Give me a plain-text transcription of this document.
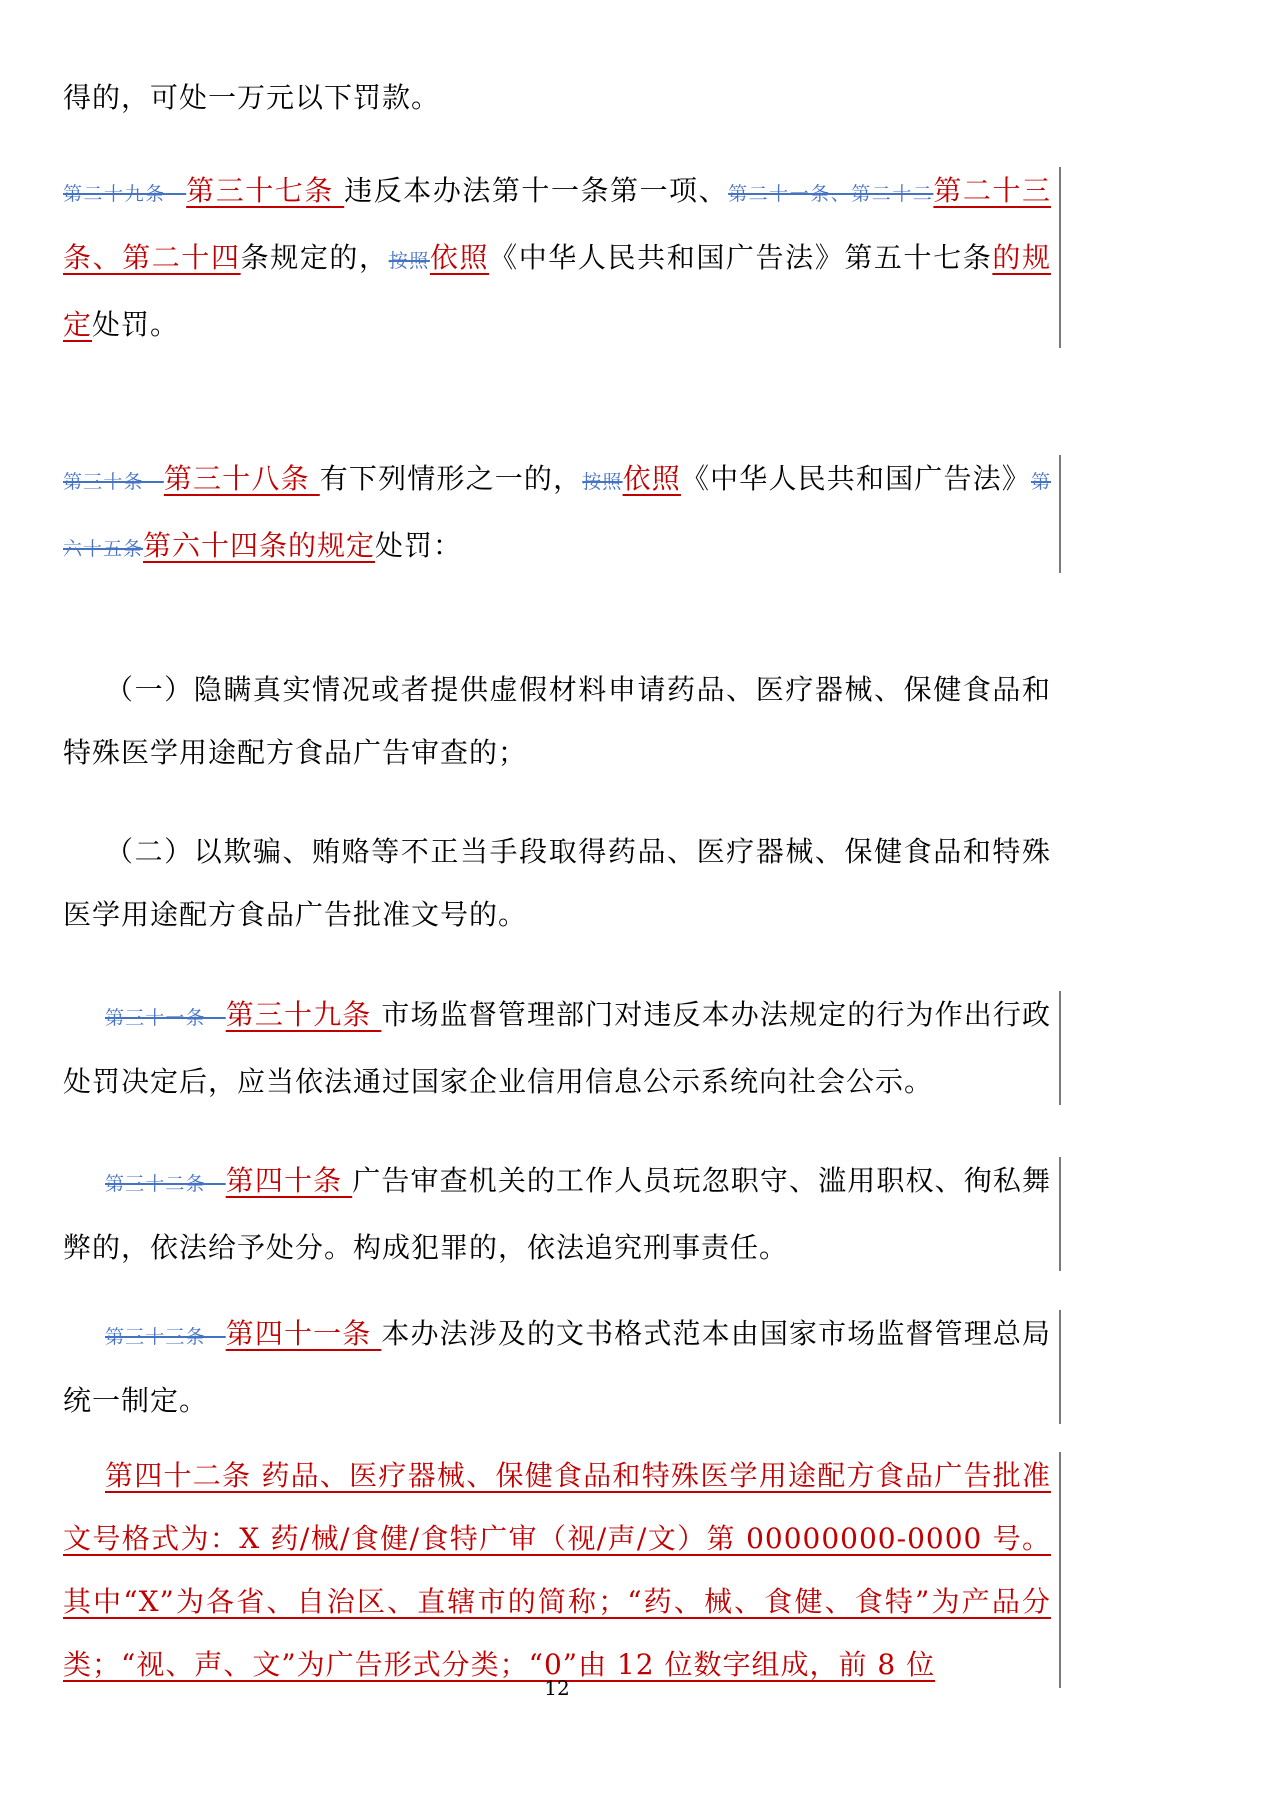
得的，可处一万元以下罚款。

第二十九条　第三十七条 违反本办法第十一条第一项、第二十一条、第二十二第二十三条、第二十四条规定的，按照依照《中华人民共和国广告法》第五十七条的规定处罚。

第三十条　第三十八条 有下列情形之一的，按照依照《中华人民共和国广告法》第六十五条第六十四条的规定处罚：

（一）隐瞒真实情况或者提供虚假材料申请药品、医疗器械、保健食品和特殊医学用途配方食品广告审查的；

（二）以欺骗、贿赂等不正当手段取得药品、医疗器械、保健食品和特殊医学用途配方食品广告批准文号的。

第三十一条　第三十九条 市场监督管理部门对违反本办法规定的行为作出行政处罚决定后，应当依法通过国家企业信用信息公示系统向社会公示。

第三十二条　第四十条 广告审查机关的工作人员玩忽职守、滥用职权、徇私舞弊的，依法给予处分。构成犯罪的，依法追究刑事责任。

第三十三条　第四十一条 本办法涉及的文书格式范本由国家市场监督管理总局统一制定。

第四十二条 药品、医疗器械、保健食品和特殊医学用途配方食品广告批准文号格式为：X 药/械/食健/食特广审（视/声/文）第 00000000-0000 号。其中“X”为各省、自治区、直辖市的简称；“药、械、食健、食特”为产品分类；“视、声、文”为广告形式分类；“0”由 12 位数字组成，前 8 位

12
